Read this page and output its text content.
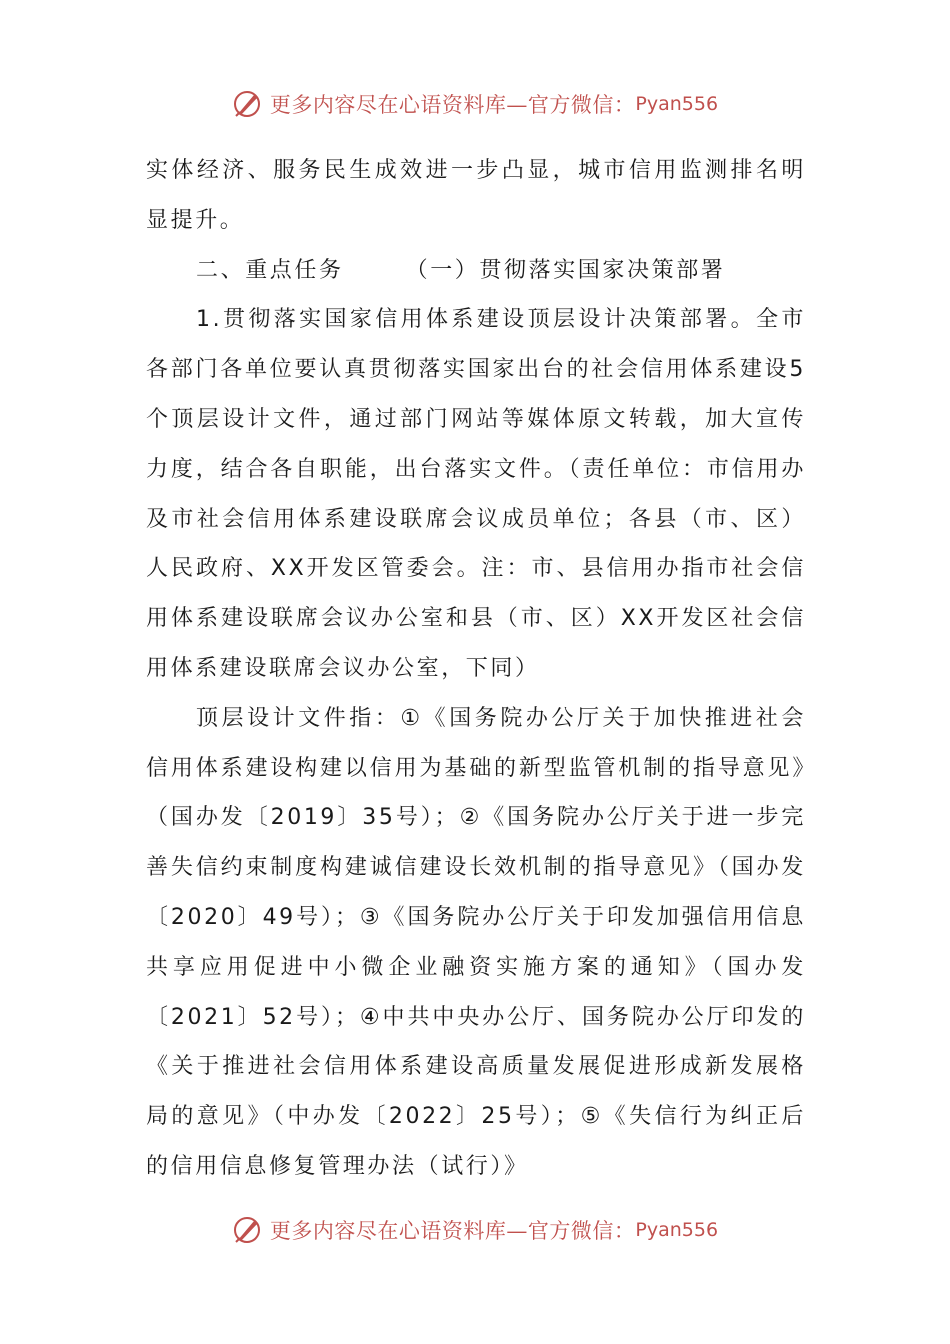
更多内容尽在心语资料库—官方微信： Pyan556

实体经济、服务民生成效进一步凸显，城市信用监测排名明显提升。

二、重点任务	（一）贯彻落实国家决策部署

1.贯彻落实国家信用体系建设顶层设计决策部署。全市各部门各单位要认真贯彻落实国家出台的社会信用体系建设5个顶层设计文件，通过部门网站等媒体原文转载，加大宣传力度，结合各自职能，出台落实文件。（责任单位：市信用办及市社会信用体系建设联席会议成员单位；各县（市、区）人民政府、XX开发区管委会。注：市、县信用办指市社会信用体系建设联席会议办公室和县（市、区）XX开发区社会信用体系建设联席会议办公室，下同）

顶层设计文件指：①《国务院办公厅关于加快推进社会信用体系建设构建以信用为基础的新型监管机制的指导意见》（国办发〔2019〕35号）；②《国务院办公厅关于进一步完善失信约束制度构建诚信建设长效机制的指导意见》（国办发〔2020〕49号）；③《国务院办公厅关于印发加强信用信息共享应用促进中小微企业融资实施方案的通知》（国办发〔2021〕52号）；④中共中央办公厅、国务院办公厅印发的《关于推进社会信用体系建设高质量发展促进形成新发展格局的意见》（中办发〔2022〕25号）；⑤《失信行为纠正后的信用信息修复管理办法（试行）》

更多内容尽在心语资料库—官方微信： Pyan556
